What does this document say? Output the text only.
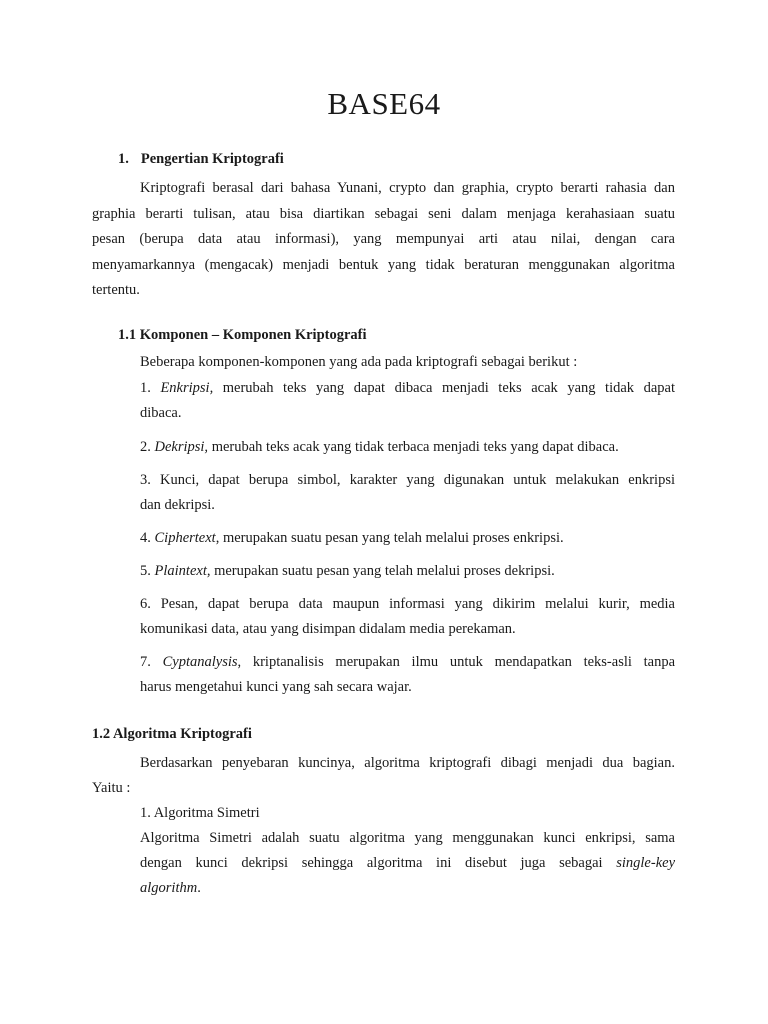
BASE64
1. Pengertian Kriptografi
Kriptografi berasal dari bahasa Yunani, crypto dan graphia, crypto berarti rahasia dan
graphia berarti tulisan, atau bisa diartikan sebagai seni dalam menjaga kerahasiaan suatu
pesan (berupa data atau informasi), yang mempunyai arti atau nilai, dengan cara
menyamarkannya (mengacak) menjadi bentuk yang tidak beraturan menggunakan algoritma
tertentu.
1.1 Komponen – Komponen Kriptografi
Beberapa komponen-komponen yang ada pada kriptografi sebagai berikut :
1. Enkripsi, merubah teks yang dapat dibaca menjadi teks acak yang tidak dapat
dibaca.
2. Dekripsi, merubah teks acak yang tidak terbaca menjadi teks yang dapat dibaca.
3. Kunci, dapat berupa simbol, karakter yang digunakan untuk melakukan enkripsi
dan dekripsi.
4. Ciphertext, merupakan suatu pesan yang telah melalui proses enkripsi.
5. Plaintext, merupakan suatu pesan yang telah melalui proses dekripsi.
6. Pesan, dapat berupa data maupun informasi yang dikirim melalui kurir, media
komunikasi data, atau yang disimpan didalam media perekaman.
7. Cyptanalysis, kriptanalisis merupakan ilmu untuk mendapatkan teks-asli tanpa
harus mengetahui kunci yang sah secara wajar.
1.2 Algoritma Kriptografi
Berdasarkan penyebaran kuncinya, algoritma kriptografi dibagi menjadi dua bagian.
Yaitu :
1. Algoritma Simetri
Algoritma Simetri adalah suatu algoritma yang menggunakan kunci enkripsi, sama
dengan kunci dekripsi sehingga algoritma ini disebut juga sebagai single-key
algorithm.
